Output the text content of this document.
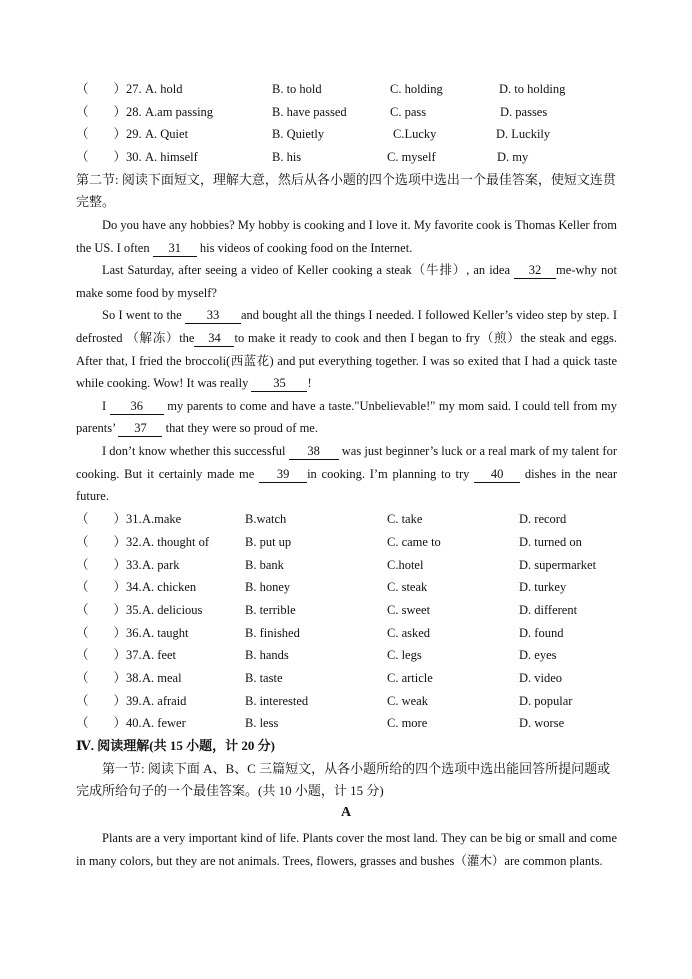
（　　）27. A. hold	B. to hold	C. holding	D. to holding
（　　）28. A.am passing	B. have passed	C. pass	D. passes
（　　）29. A. Quiet	B. Quietly	C.Lucky	D. Luckily
（　　）30. A. himself	B. his	C. myself	D. my
第二节: 阅读下面短文，理解大意，然后从各小题的四个选项中选出一个最佳答案，使短文连贯完整。

Do you have any hobbies? My hobby is cooking and I love it. My favorite cook is Thomas Keller from the US. I often 31 his videos of cooking food on the Internet.

Last Saturday, after seeing a video of Keller cooking a steak（牛排）, an idea 32 me-why not make some food by myself?

So I went to the 33 and bought all the things I needed. I followed Keller’s video step by step. I defrosted （解冻）the 34 to make it ready to cook and then I began to fry（煎）the steak and eggs. After that, I fried the broccoli(西蓝花) and put everything together. I was so exited that I had a quick taste while cooking. Wow! It was really 35 !

I 36 my parents to come and have a taste."Unbelievable!" my mom said. I could tell from my parents’ 37 that they were so proud of me.

I don’t know whether this successful 38 was just beginner’s luck or a real mark of my talent for cooking. But it certainly made me 39 in cooking. I’m planning to try 40 dishes in the near future.

（　　）31. A.make	B.watch	C. take	D. record
（　　）32. A. thought of	B. put up	C. came to	D. turned on
（　　）33. A. park	B. bank	C.hotel	D. supermarket
（　　）34. A. chicken	B. honey	C. steak	D. turkey
（　　）35. A. delicious	B. terrible	C. sweet	D. different
（　　）36. A. taught	B. finished	C. asked	D. found
（　　）37. A. feet	B. hands	C. legs	D. eyes
（　　）38. A. meal	B. taste	C. article	D. video
（　　）39. A. afraid	B. interested	C. weak	D. popular
（　　）40. A. fewer	B. less	C. more	D. worse
Ⅳ. 阅读理解(共 15 小题，计 20 分)
第一节: 阅读下面 A、B、C 三篇短文，从各小题所给的四个选项中选出能回答所提问题或完成所给句子的一个最佳答案。(共 10 小题，计 15 分)
A
Plants are a very important kind of life. Plants cover the most land. They can be big or small and come in many colors, but they are not animals. Trees, flowers, grasses and bushes（灌木）are common plants.
